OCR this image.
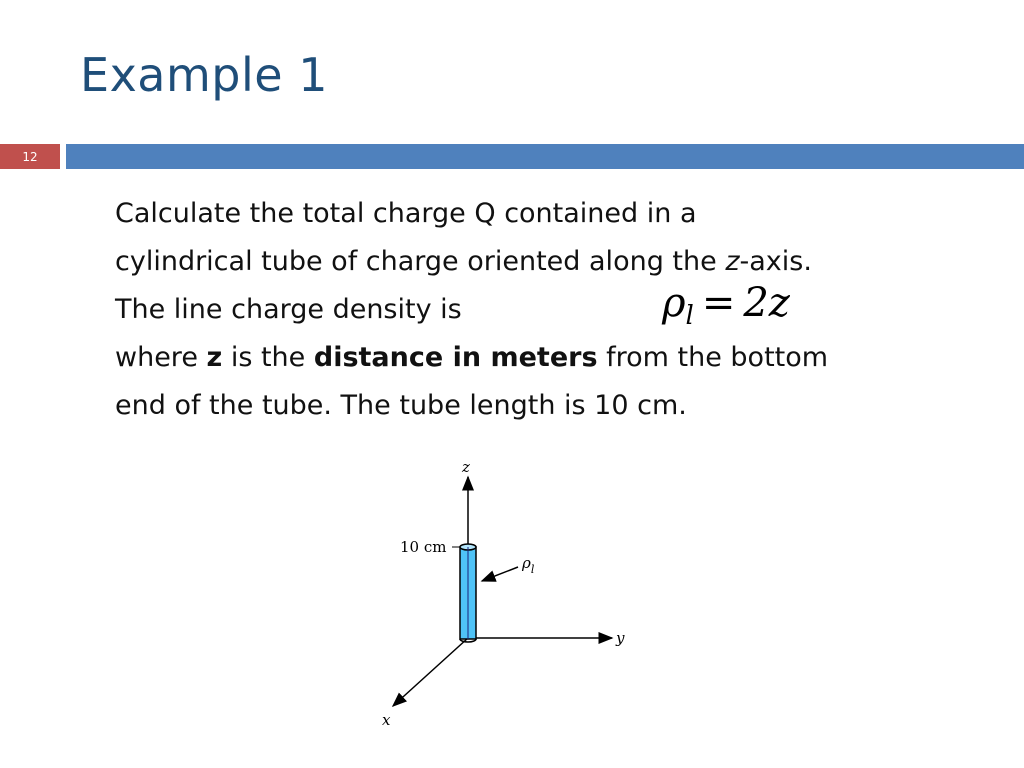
Example 1
12
Calculate the total charge Q contained in a
cylindrical tube of charge oriented along the z-axis.
The line charge density is
where z is the distance in meters from the bottom
end of the tube. The tube length is 10 cm.
$\rho_l = 2z$
z
y
x
10 cm
$\rho_l$
